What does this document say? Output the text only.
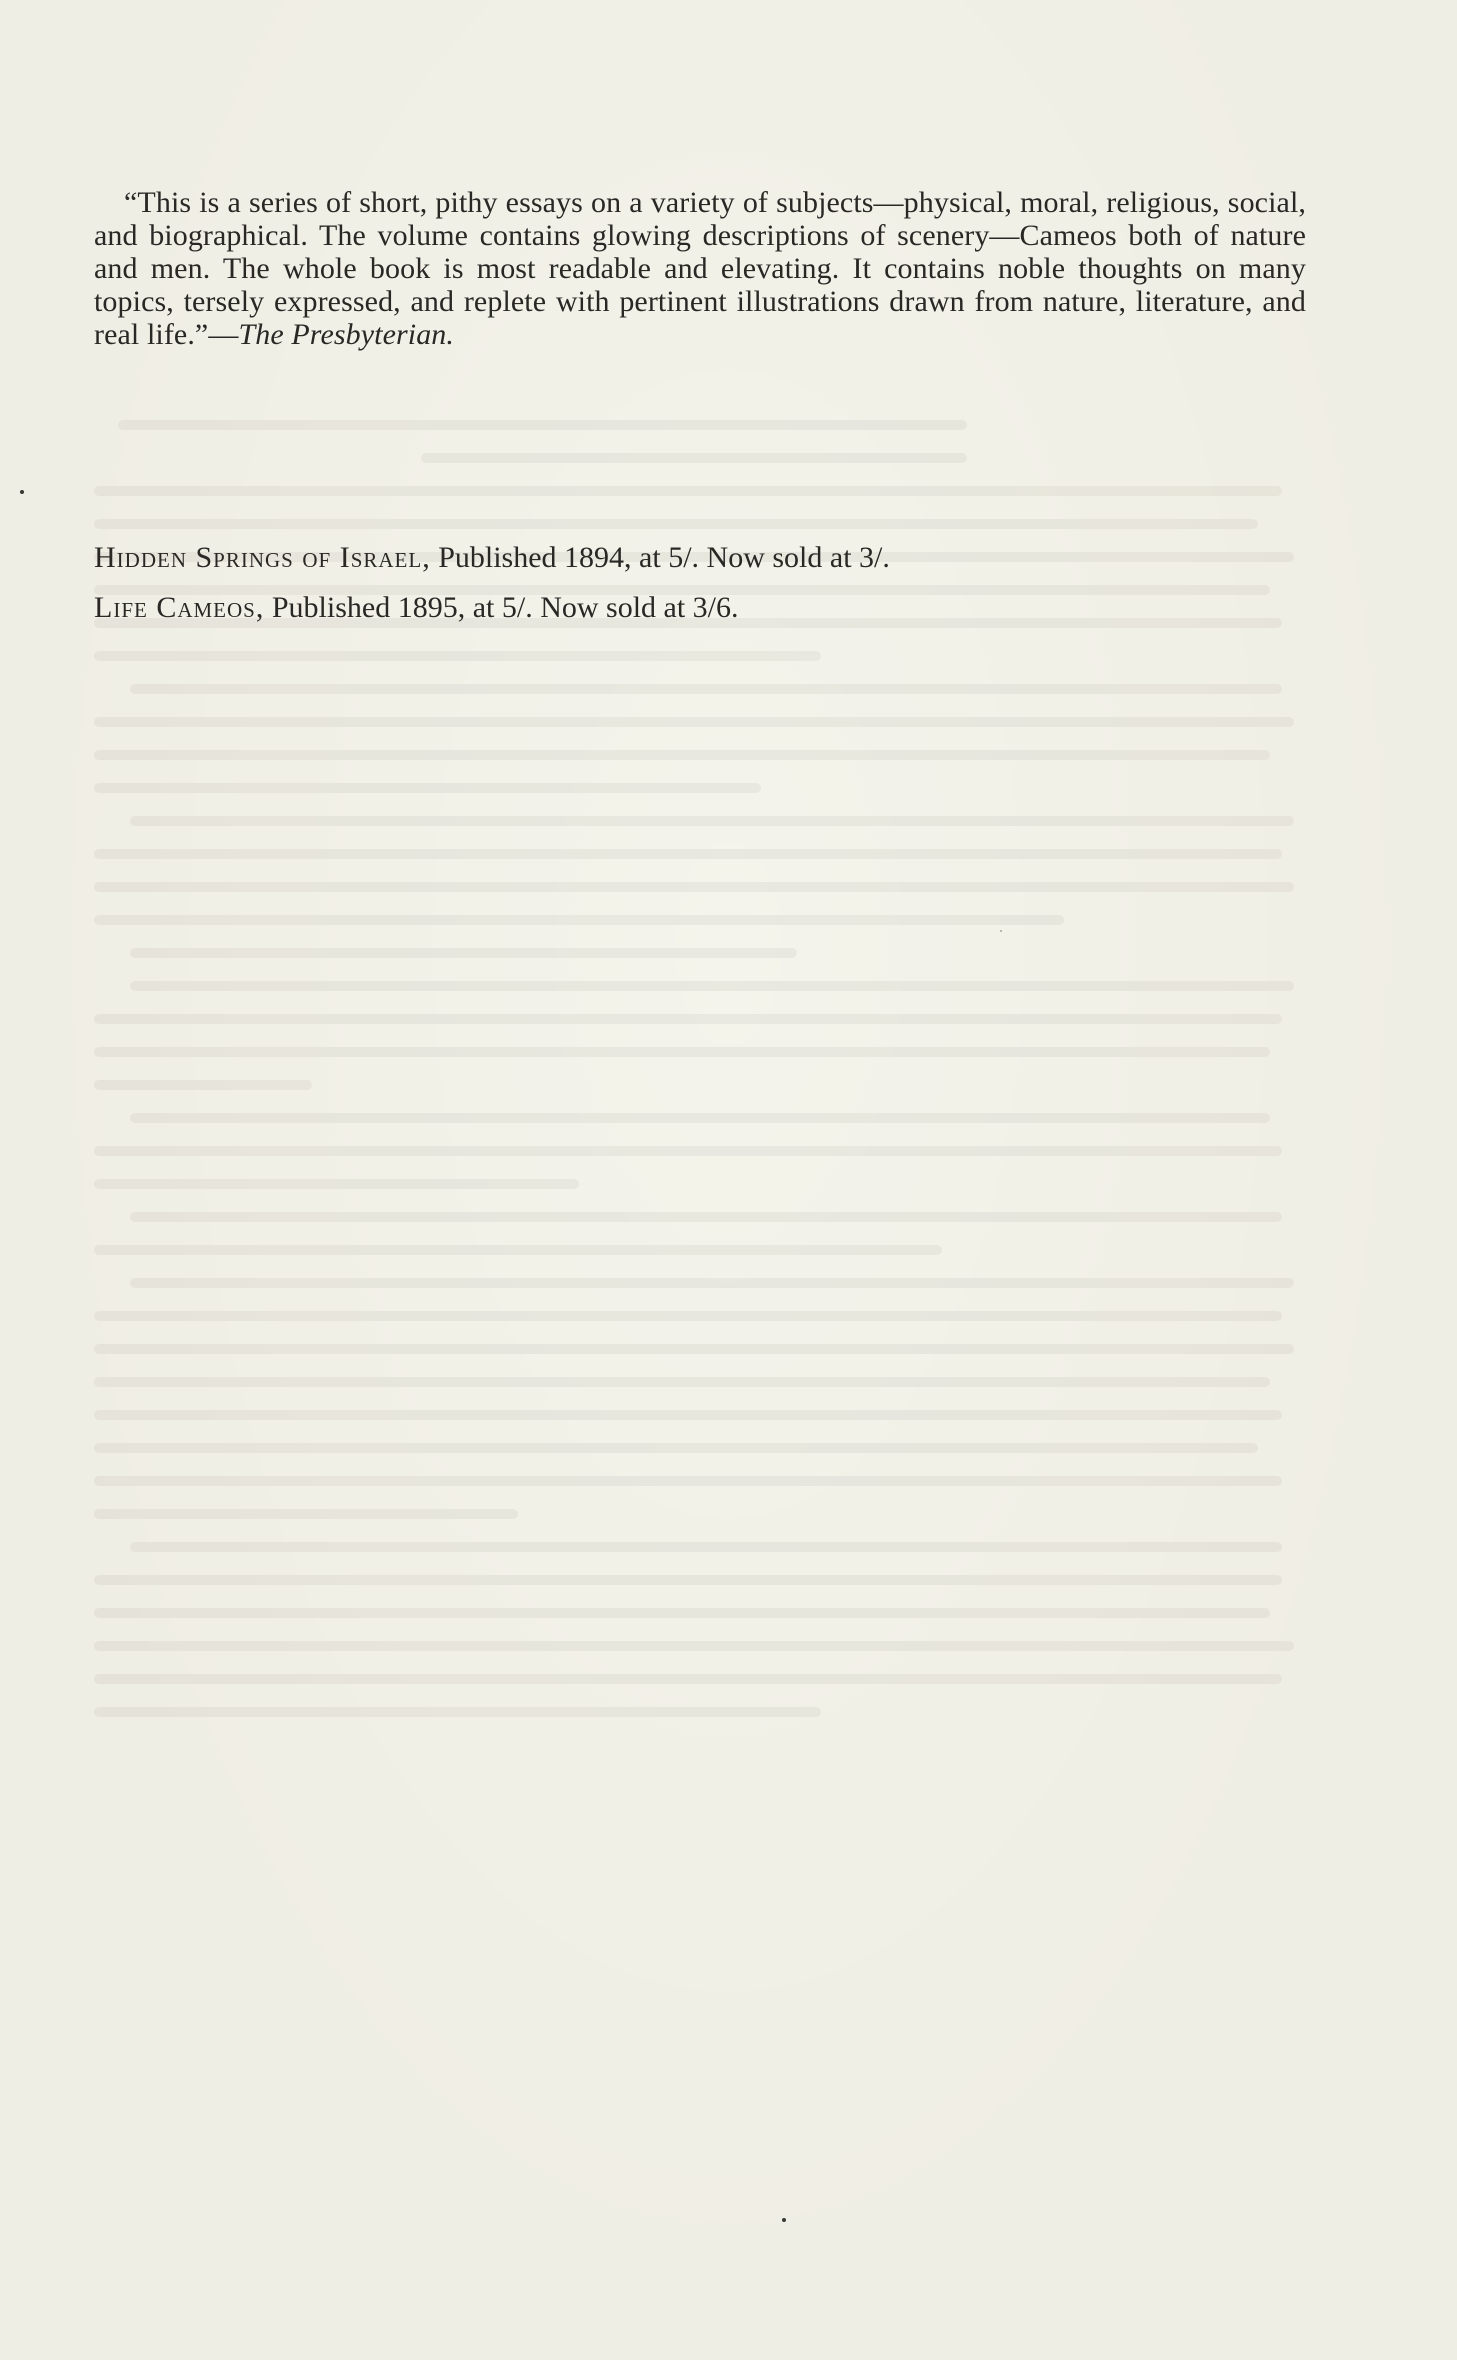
“This is a series of short, pithy essays on a variety of subjects—physical, moral, religious, social, and biographical. The volume contains glowing descriptions of scenery—Cameos both of nature and men. The whole book is most readable and elevating. It contains noble thoughts on many topics, tersely expressed, and replete with pertinent illustrations drawn from nature, literature, and real life.”—The Presbyterian.

Hidden Springs of Israel, Published 1894, at 5/. Now sold at 3/.
Life Cameos, Published 1895, at 5/. Now sold at 3/6.
